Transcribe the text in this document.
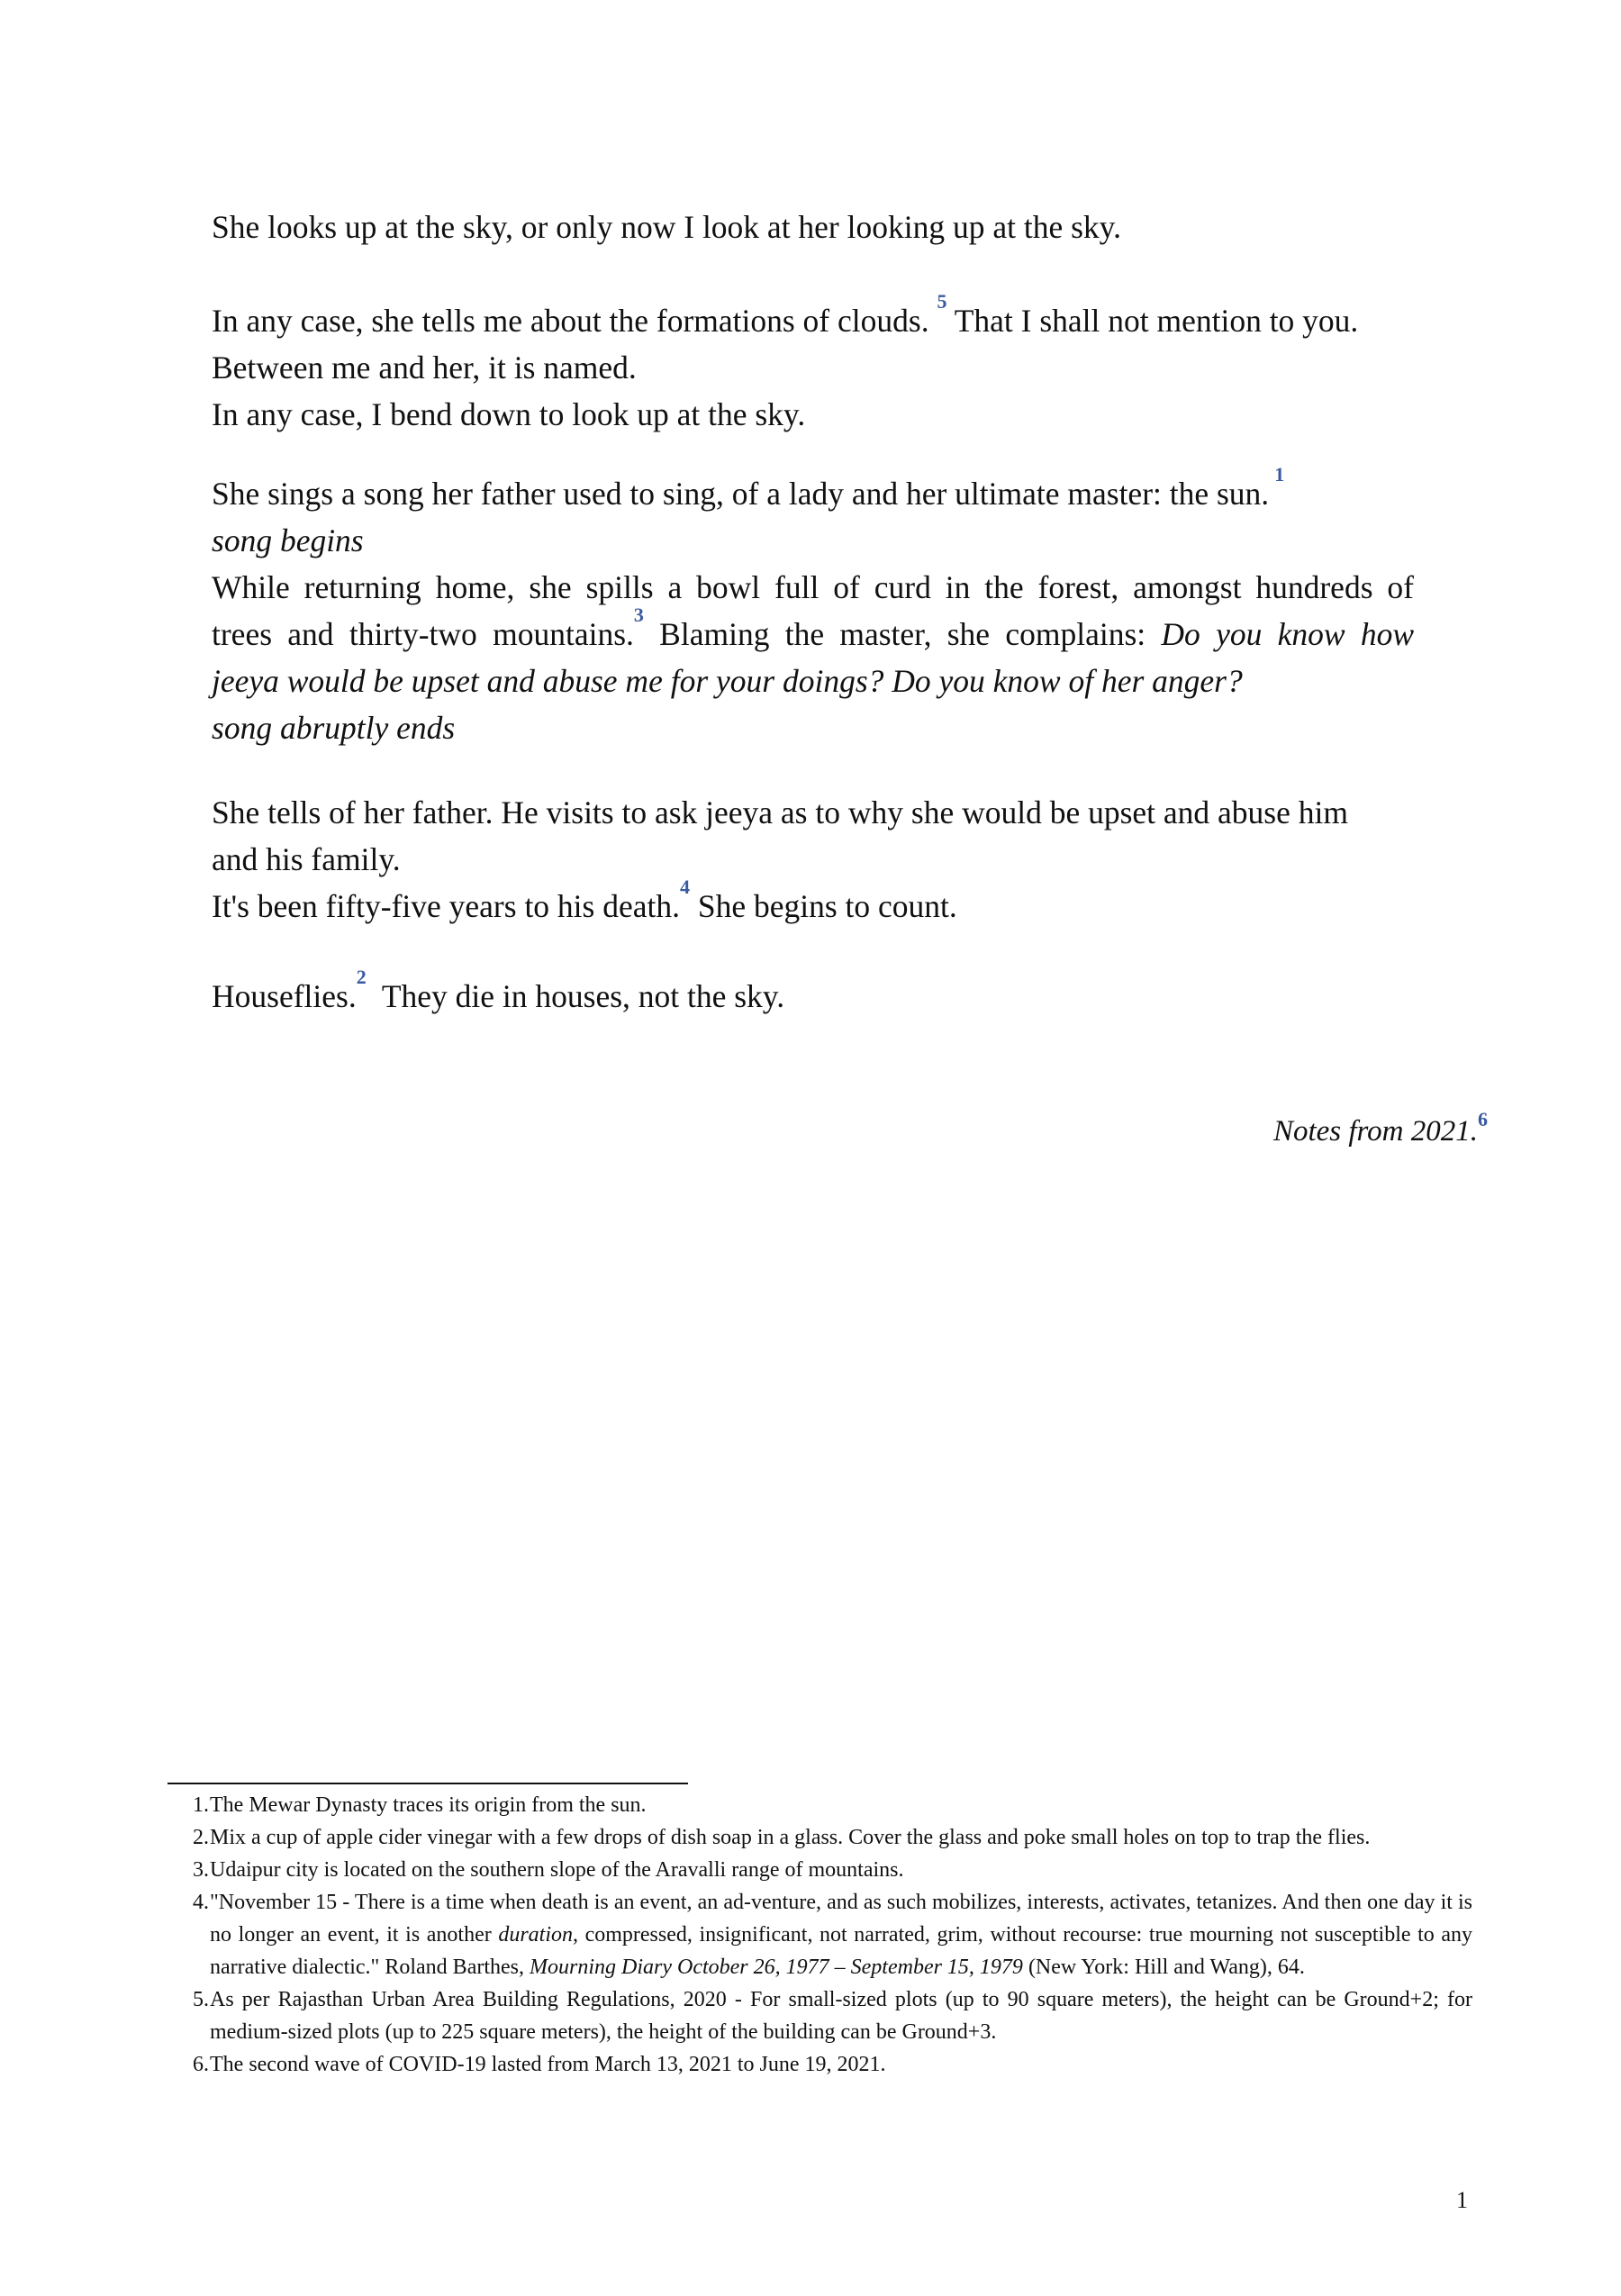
She looks up at the sky, or only now I look at her looking up at the sky.

In any case, she tells me about the formations of clouds. $^5$ That I shall not mention to you.
Between me and her, it is named.
In any case, I bend down to look up at the sky.

She sings a song her father used to sing, of a lady and her ultimate master: the sun.$^1$
song begins
While returning home, she spills a bowl full of curd in the forest, amongst hundreds of
trees and thirty-two mountains.$^3$ Blaming the master, she complains: Do you know how
jeeya would be upset and abuse me for your doings? Do you know of her anger?
song abruptly ends

She tells of her father. He visits to ask jeeya as to why she would be upset and abuse him
and his family.
It's been fifty-five years to his death.$^4$ She begins to count.

Houseflies.$^2$  They die in houses, not the sky.

Notes from 2021.$^6$
1. The Mewar Dynasty traces its origin from the sun.
2. Mix a cup of apple cider vinegar with a few drops of dish soap in a glass. Cover the glass and poke small holes on top to trap the flies.
3. Udaipur city is located on the southern slope of the Aravalli range of mountains.
4. "November 15 - There is a time when death is an event, an ad-venture, and as such mobilizes, interests, activates, tetanizes. And then one day it is no longer an event, it is another duration, compressed, insignificant, not narrated, grim, without recourse: true mourning not susceptible to any narrative dialectic." Roland Barthes, Mourning Diary October 26, 1977 – September 15, 1979 (New York: Hill and Wang), 64.
5. As per Rajasthan Urban Area Building Regulations, 2020 - For small-sized plots (up to 90 square meters), the height can be Ground+2; for medium-sized plots (up to 225 square meters), the height of the building can be Ground+3.
6. The second wave of COVID-19 lasted from March 13, 2021 to June 19, 2021.
1
